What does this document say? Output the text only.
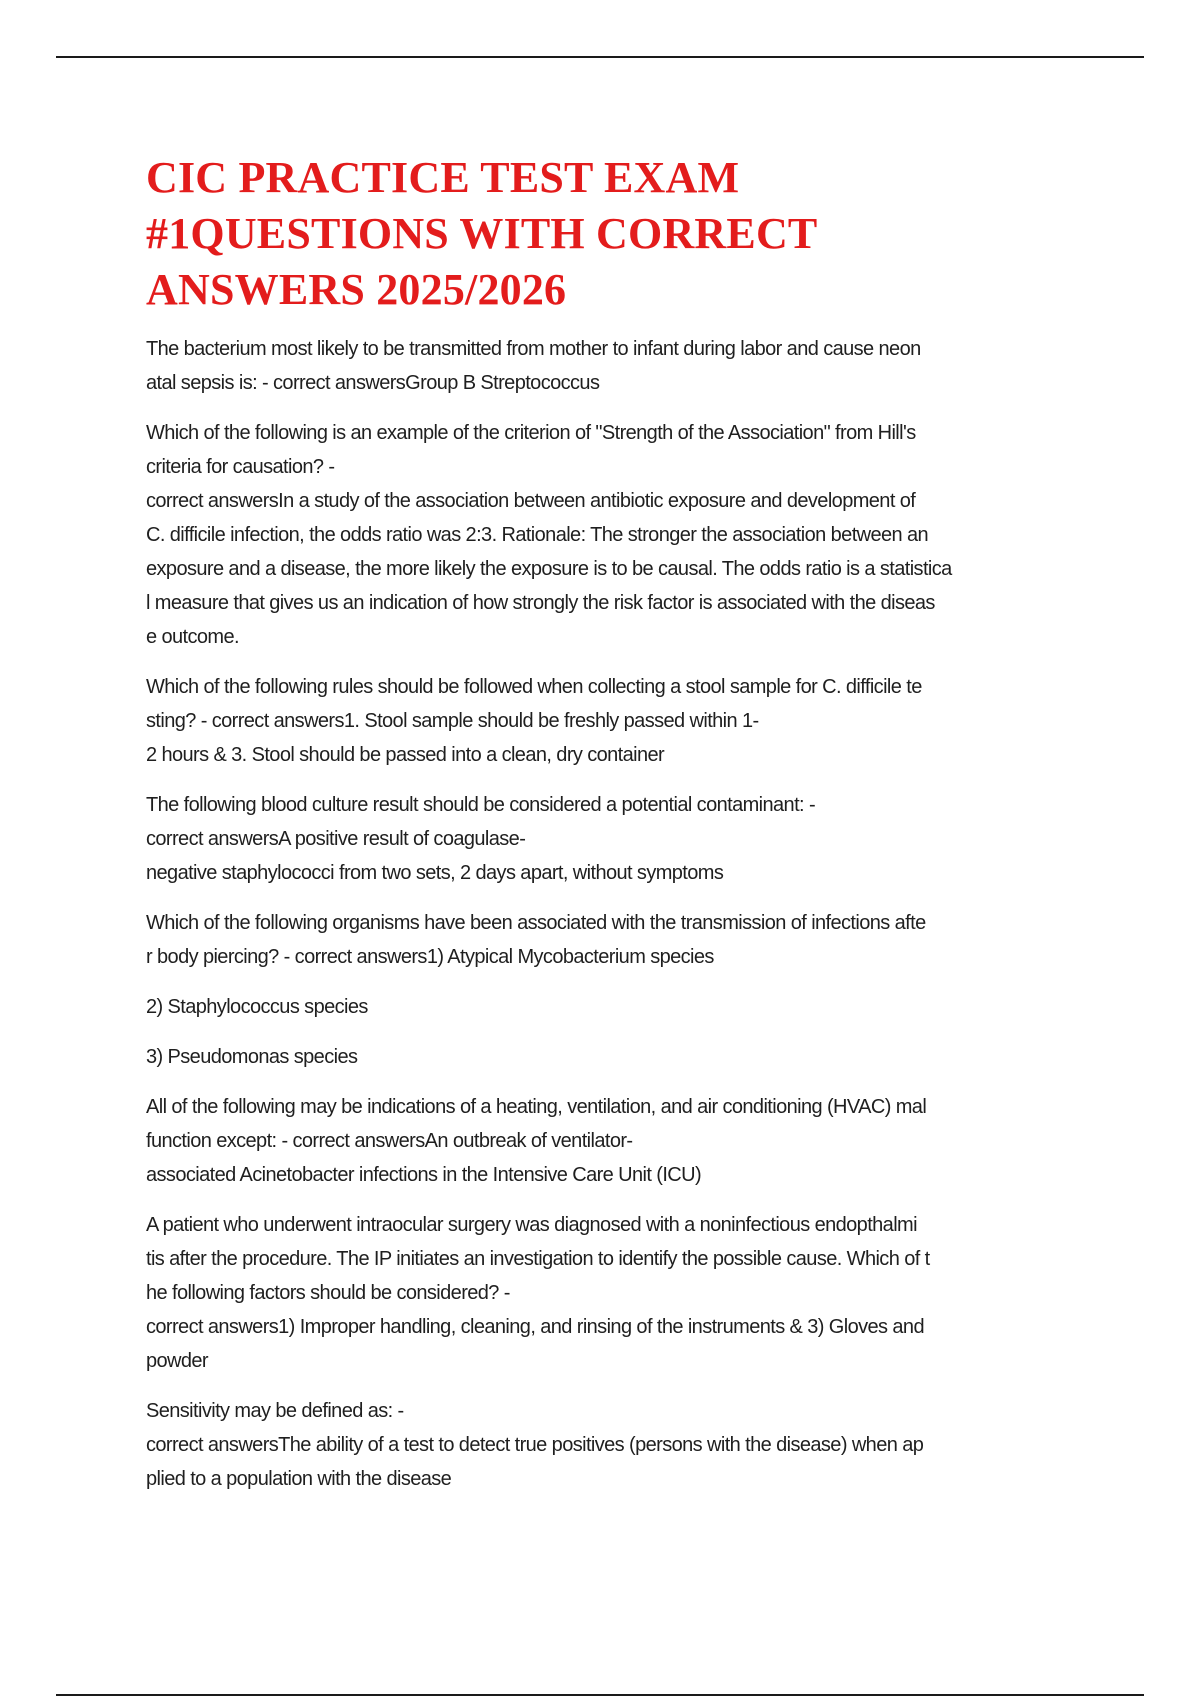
CIC PRACTICE TEST EXAM
#1QUESTIONS WITH CORRECT
ANSWERS 2025/2026

The bacterium most likely to be transmitted from mother to infant during labor and cause neon
atal sepsis is: - correct answersGroup B Streptococcus

Which of the following is an example of the criterion of "Strength of the Association" from Hill's
criteria for causation? -
correct answersIn a study of the association between antibiotic exposure and development of
C. difficile infection, the odds ratio was 2:3. Rationale: The stronger the association between an
exposure and a disease, the more likely the exposure is to be causal. The odds ratio is a statistica
l measure that gives us an indication of how strongly the risk factor is associated with the diseas
e outcome.

Which of the following rules should be followed when collecting a stool sample for C. difficile te
sting? - correct answers1. Stool sample should be freshly passed within 1-
2 hours & 3. Stool should be passed into a clean, dry container

The following blood culture result should be considered a potential contaminant: -
correct answersA positive result of coagulase-
negative staphylococci from two sets, 2 days apart, without symptoms

Which of the following organisms have been associated with the transmission of infections afte
r body piercing? - correct answers1) Atypical Mycobacterium species

2) Staphylococcus species

3) Pseudomonas species

All of the following may be indications of a heating, ventilation, and air conditioning (HVAC) mal
function except: - correct answersAn outbreak of ventilator-
associated Acinetobacter infections in the Intensive Care Unit (ICU)

A patient who underwent intraocular surgery was diagnosed with a noninfectious endopthalmi
tis after the procedure. The IP initiates an investigation to identify the possible cause. Which of t
he following factors should be considered? -
correct answers1) Improper handling, cleaning, and rinsing of the instruments & 3) Gloves and
powder

Sensitivity may be defined as: -
correct answersThe ability of a test to detect true positives (persons with the disease) when ap
plied to a population with the disease
